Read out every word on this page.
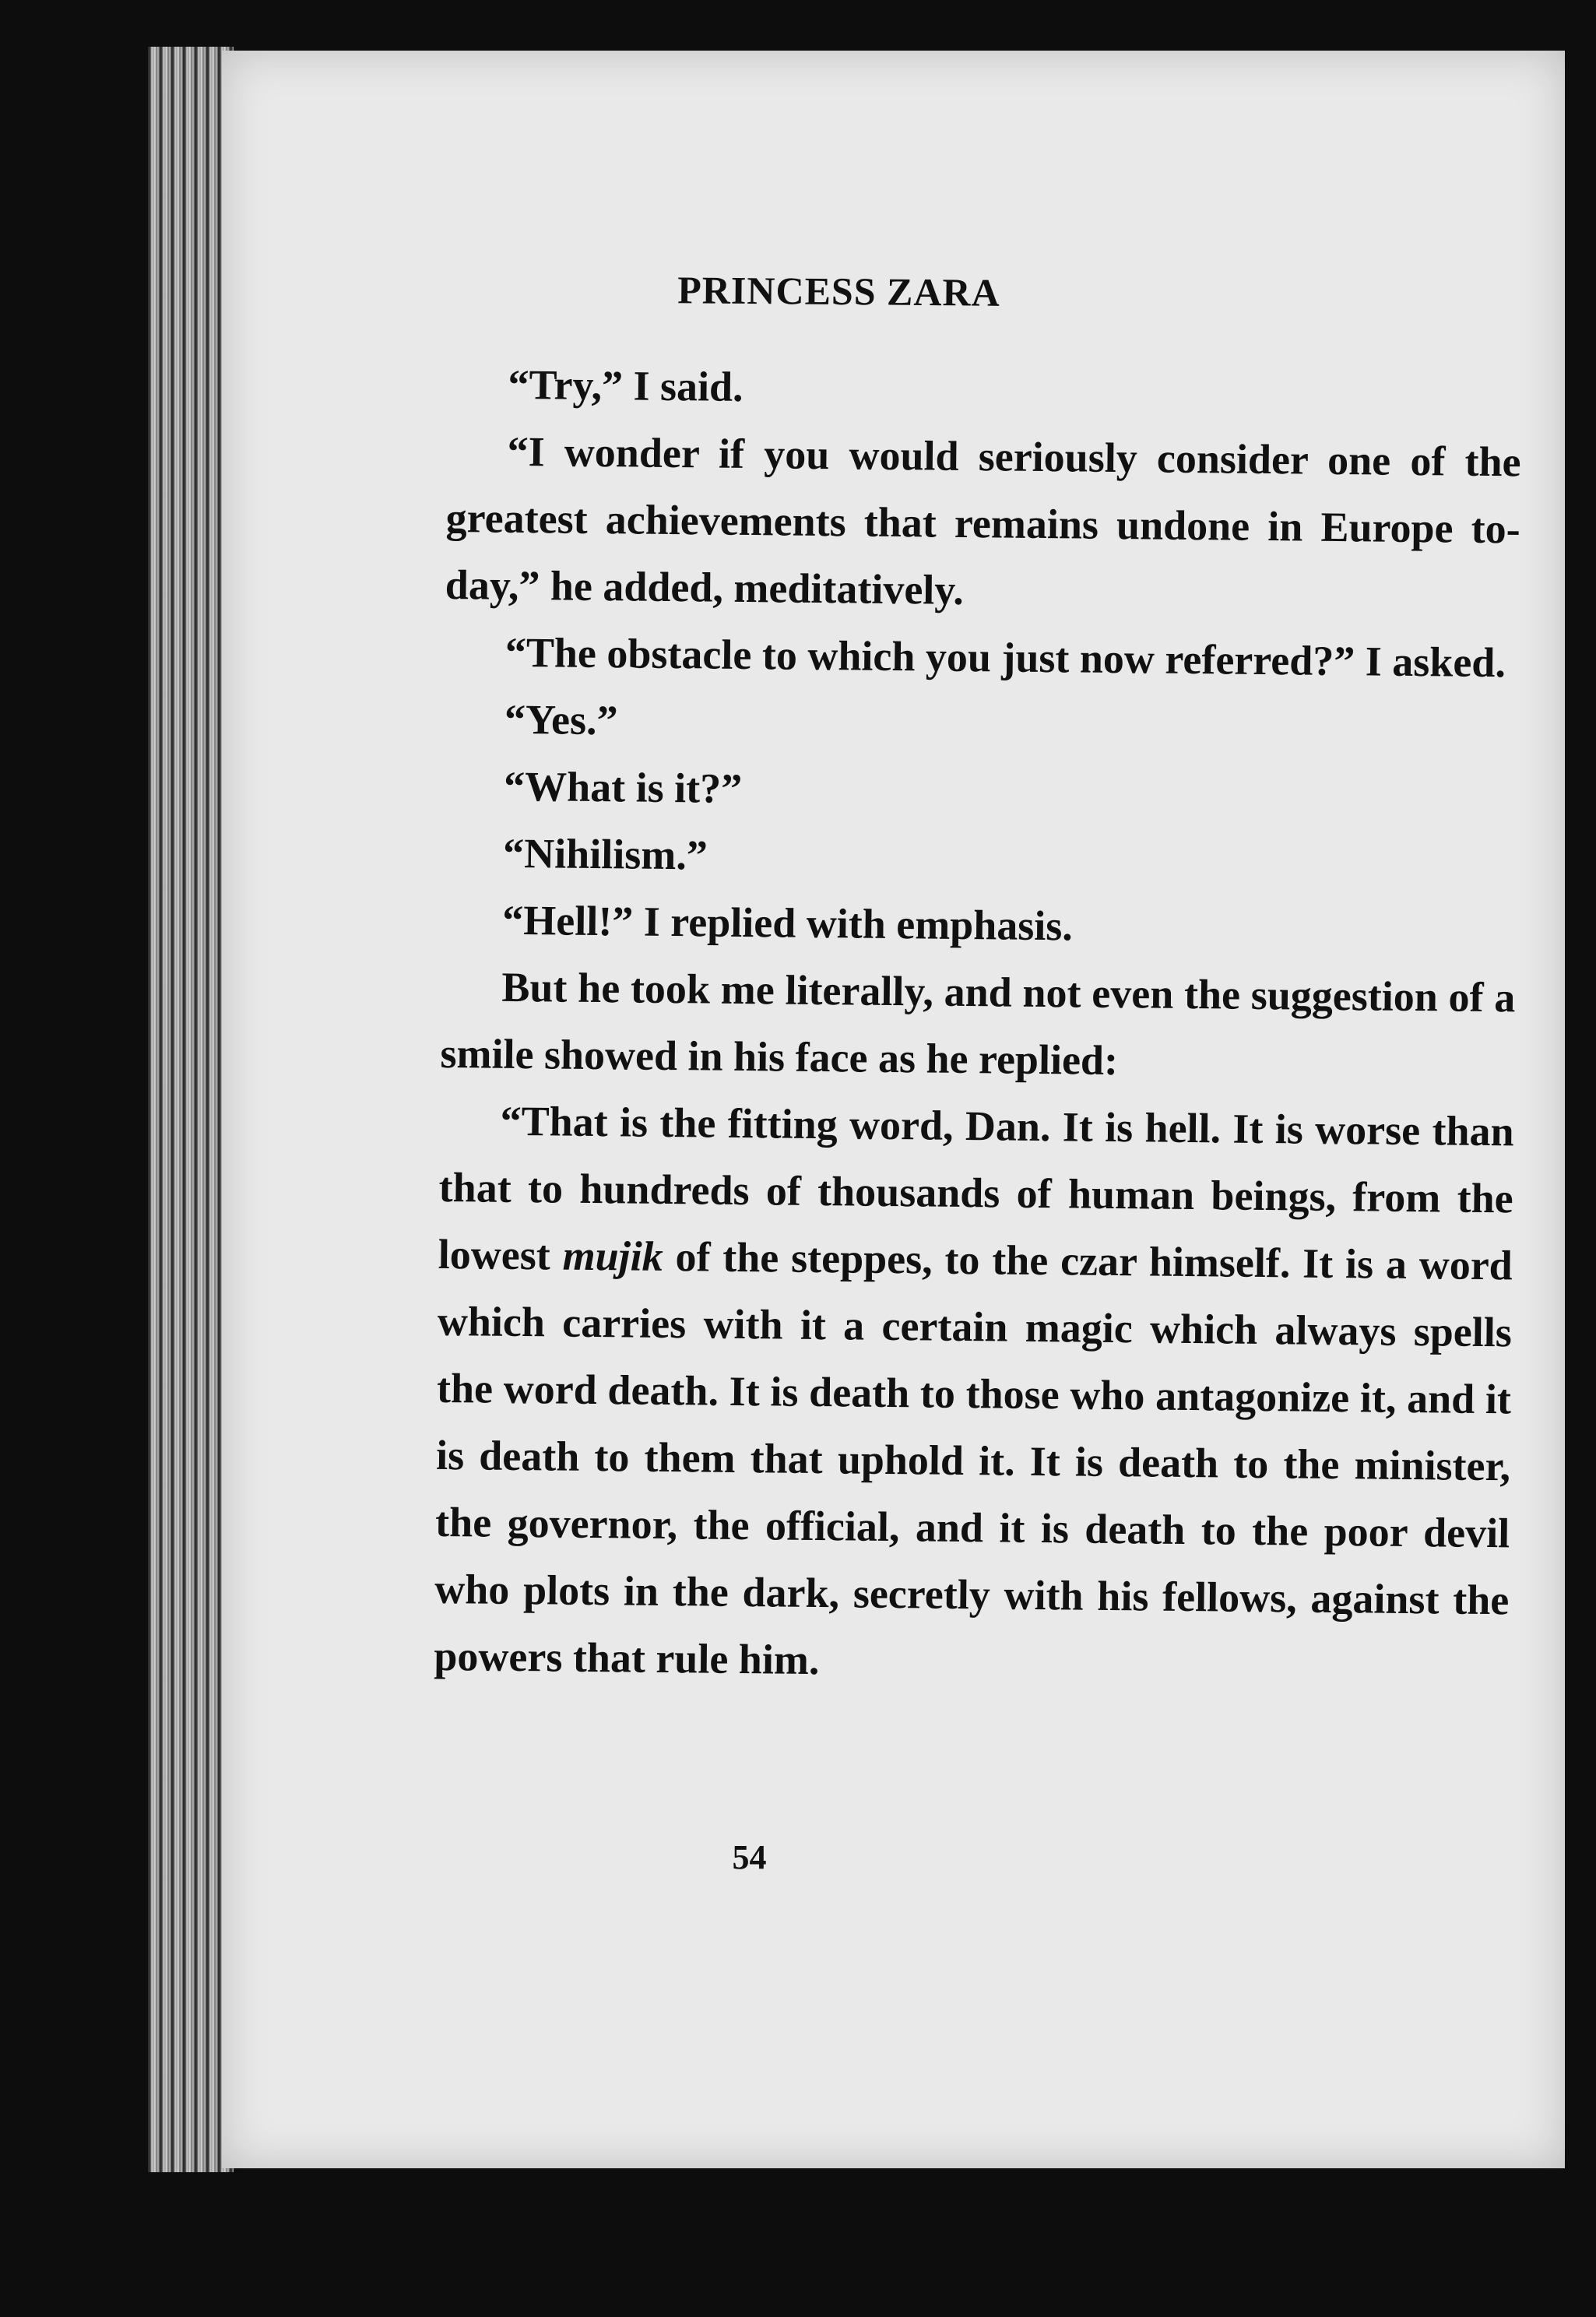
PRINCESS ZARA

“Try,” I said.

“I wonder if you would seriously consider one of the greatest achievements that remains undone in Europe to-day,” he added, meditatively.

“The obstacle to which you just now referred?” I asked.

“Yes.”

“What is it?”

“Nihilism.”

“Hell!” I replied with emphasis.

But he took me literally, and not even the suggestion of a smile showed in his face as he replied:

“That is the fitting word, Dan. It is hell. It is worse than that to hundreds of thousands of human beings, from the lowest mujik of the steppes, to the czar himself. It is a word which carries with it a certain magic which always spells the word death. It is death to those who antagonize it, and it is death to them that uphold it. It is death to the minister, the governor, the official, and it is death to the poor devil who plots in the dark, secretly with his fellows, against the powers that rule him.

54
